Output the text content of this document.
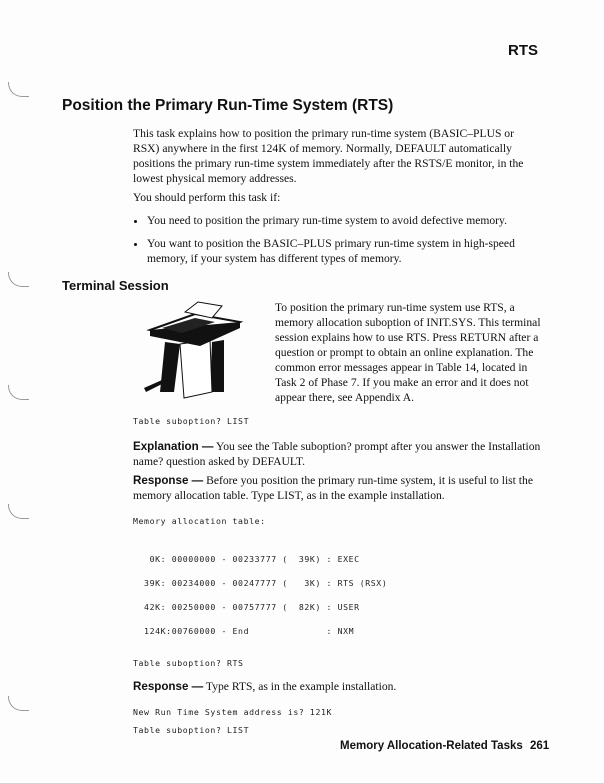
RTS
Position the Primary Run-Time System (RTS)
This task explains how to position the primary run-time system (BASIC–PLUS or RSX) anywhere in the first 124K of memory. Normally, DEFAULT automatically positions the primary run-time system immediately after the RSTS/E monitor, in the lowest physical memory addresses.
You should perform this task if:
• You need to position the primary run-time system to avoid defective memory.
• You want to position the BASIC–PLUS primary run-time system in high-speed memory, if your system has different types of memory.
Terminal Session
To position the primary run-time system use RTS, a memory allocation suboption of INIT.SYS. This terminal session explains how to use RTS. Press RETURN after a question or prompt to obtain an online explanation. The common error messages appear in Table 14, located in Task 2 of Phase 7. If you make an error and it does not appear there, see Appendix A.
Table suboption? LIST
Explanation — You see the Table suboption? prompt after you answer the Installation name? question asked by DEFAULT.
Response — Before you position the primary run-time system, it is useful to list the memory allocation table. Type LIST, as in the example installation.
Memory allocation table:

0K: 00000000 - 00233777 (  39K) : EXEC

39K: 00234000 - 00247777 (   3K) : RTS (RSX)

42K: 00250000 - 00757777 (  82K) : USER

124K:00760000 - End              : NXM

Table suboption? RTS
Response — Type RTS, as in the example installation.
New Run Time System address is? 121K
Table suboption? LIST
Memory Allocation-Related Tasks 261
